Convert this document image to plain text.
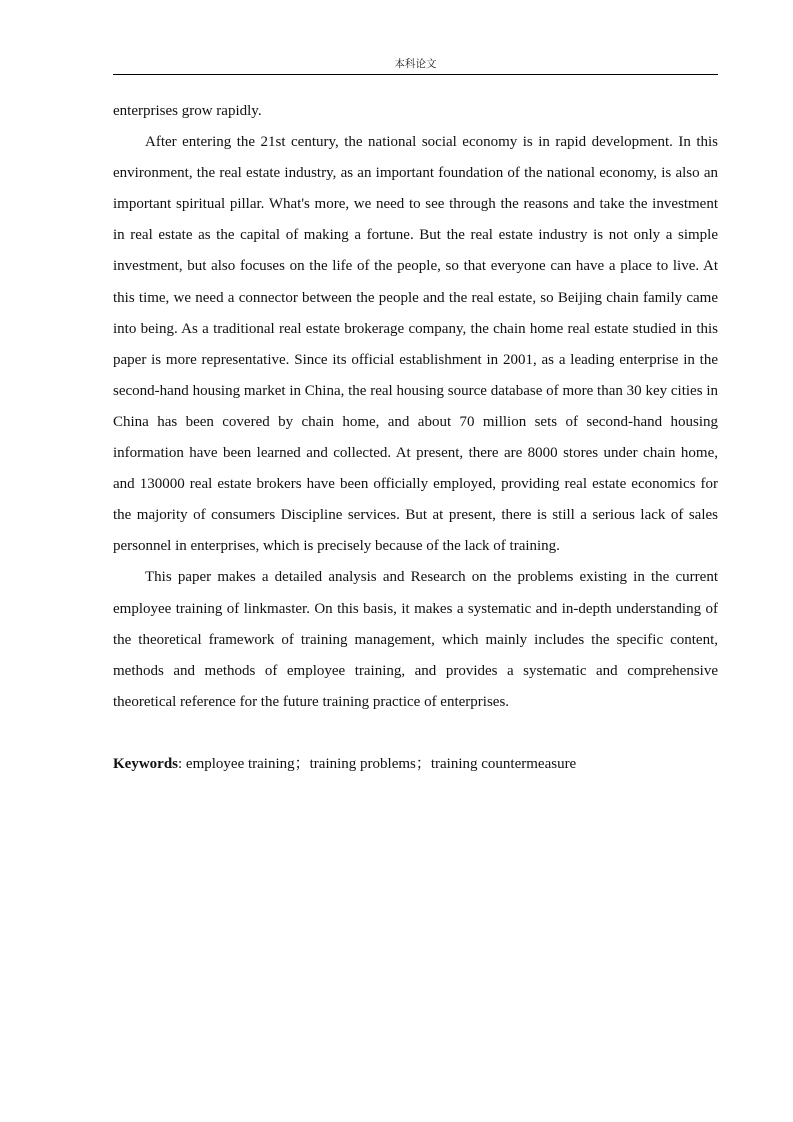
本科论文

enterprises grow rapidly.

After entering the 21st century, the national social economy is in rapid development. In this environment, the real estate industry, as an important foundation of the national economy, is also an important spiritual pillar. What's more, we need to see through the reasons and take the investment in real estate as the capital of making a fortune. But the real estate industry is not only a simple investment, but also focuses on the life of the people, so that everyone can have a place to live. At this time, we need a connector between the people and the real estate, so Beijing chain family came into being. As a traditional real estate brokerage company, the chain home real estate studied in this paper is more representative. Since its official establishment in 2001, as a leading enterprise in the second-hand housing market in China, the real housing source database of more than 30 key cities in China has been covered by chain home, and about 70 million sets of second-hand housing information have been learned and collected. At present, there are 8000 stores under chain home, and 130000 real estate brokers have been officially employed, providing real estate economics for the majority of consumers Discipline services. But at present, there is still a serious lack of sales personnel in enterprises, which is precisely because of the lack of training.

This paper makes a detailed analysis and Research on the problems existing in the current employee training of linkmaster. On this basis, it makes a systematic and in-depth understanding of the theoretical framework of training management, which mainly includes the specific content, methods and methods of employee training, and provides a systematic and comprehensive theoretical reference for the future training practice of enterprises.

Keywords: employee training；training problems；training countermeasure
